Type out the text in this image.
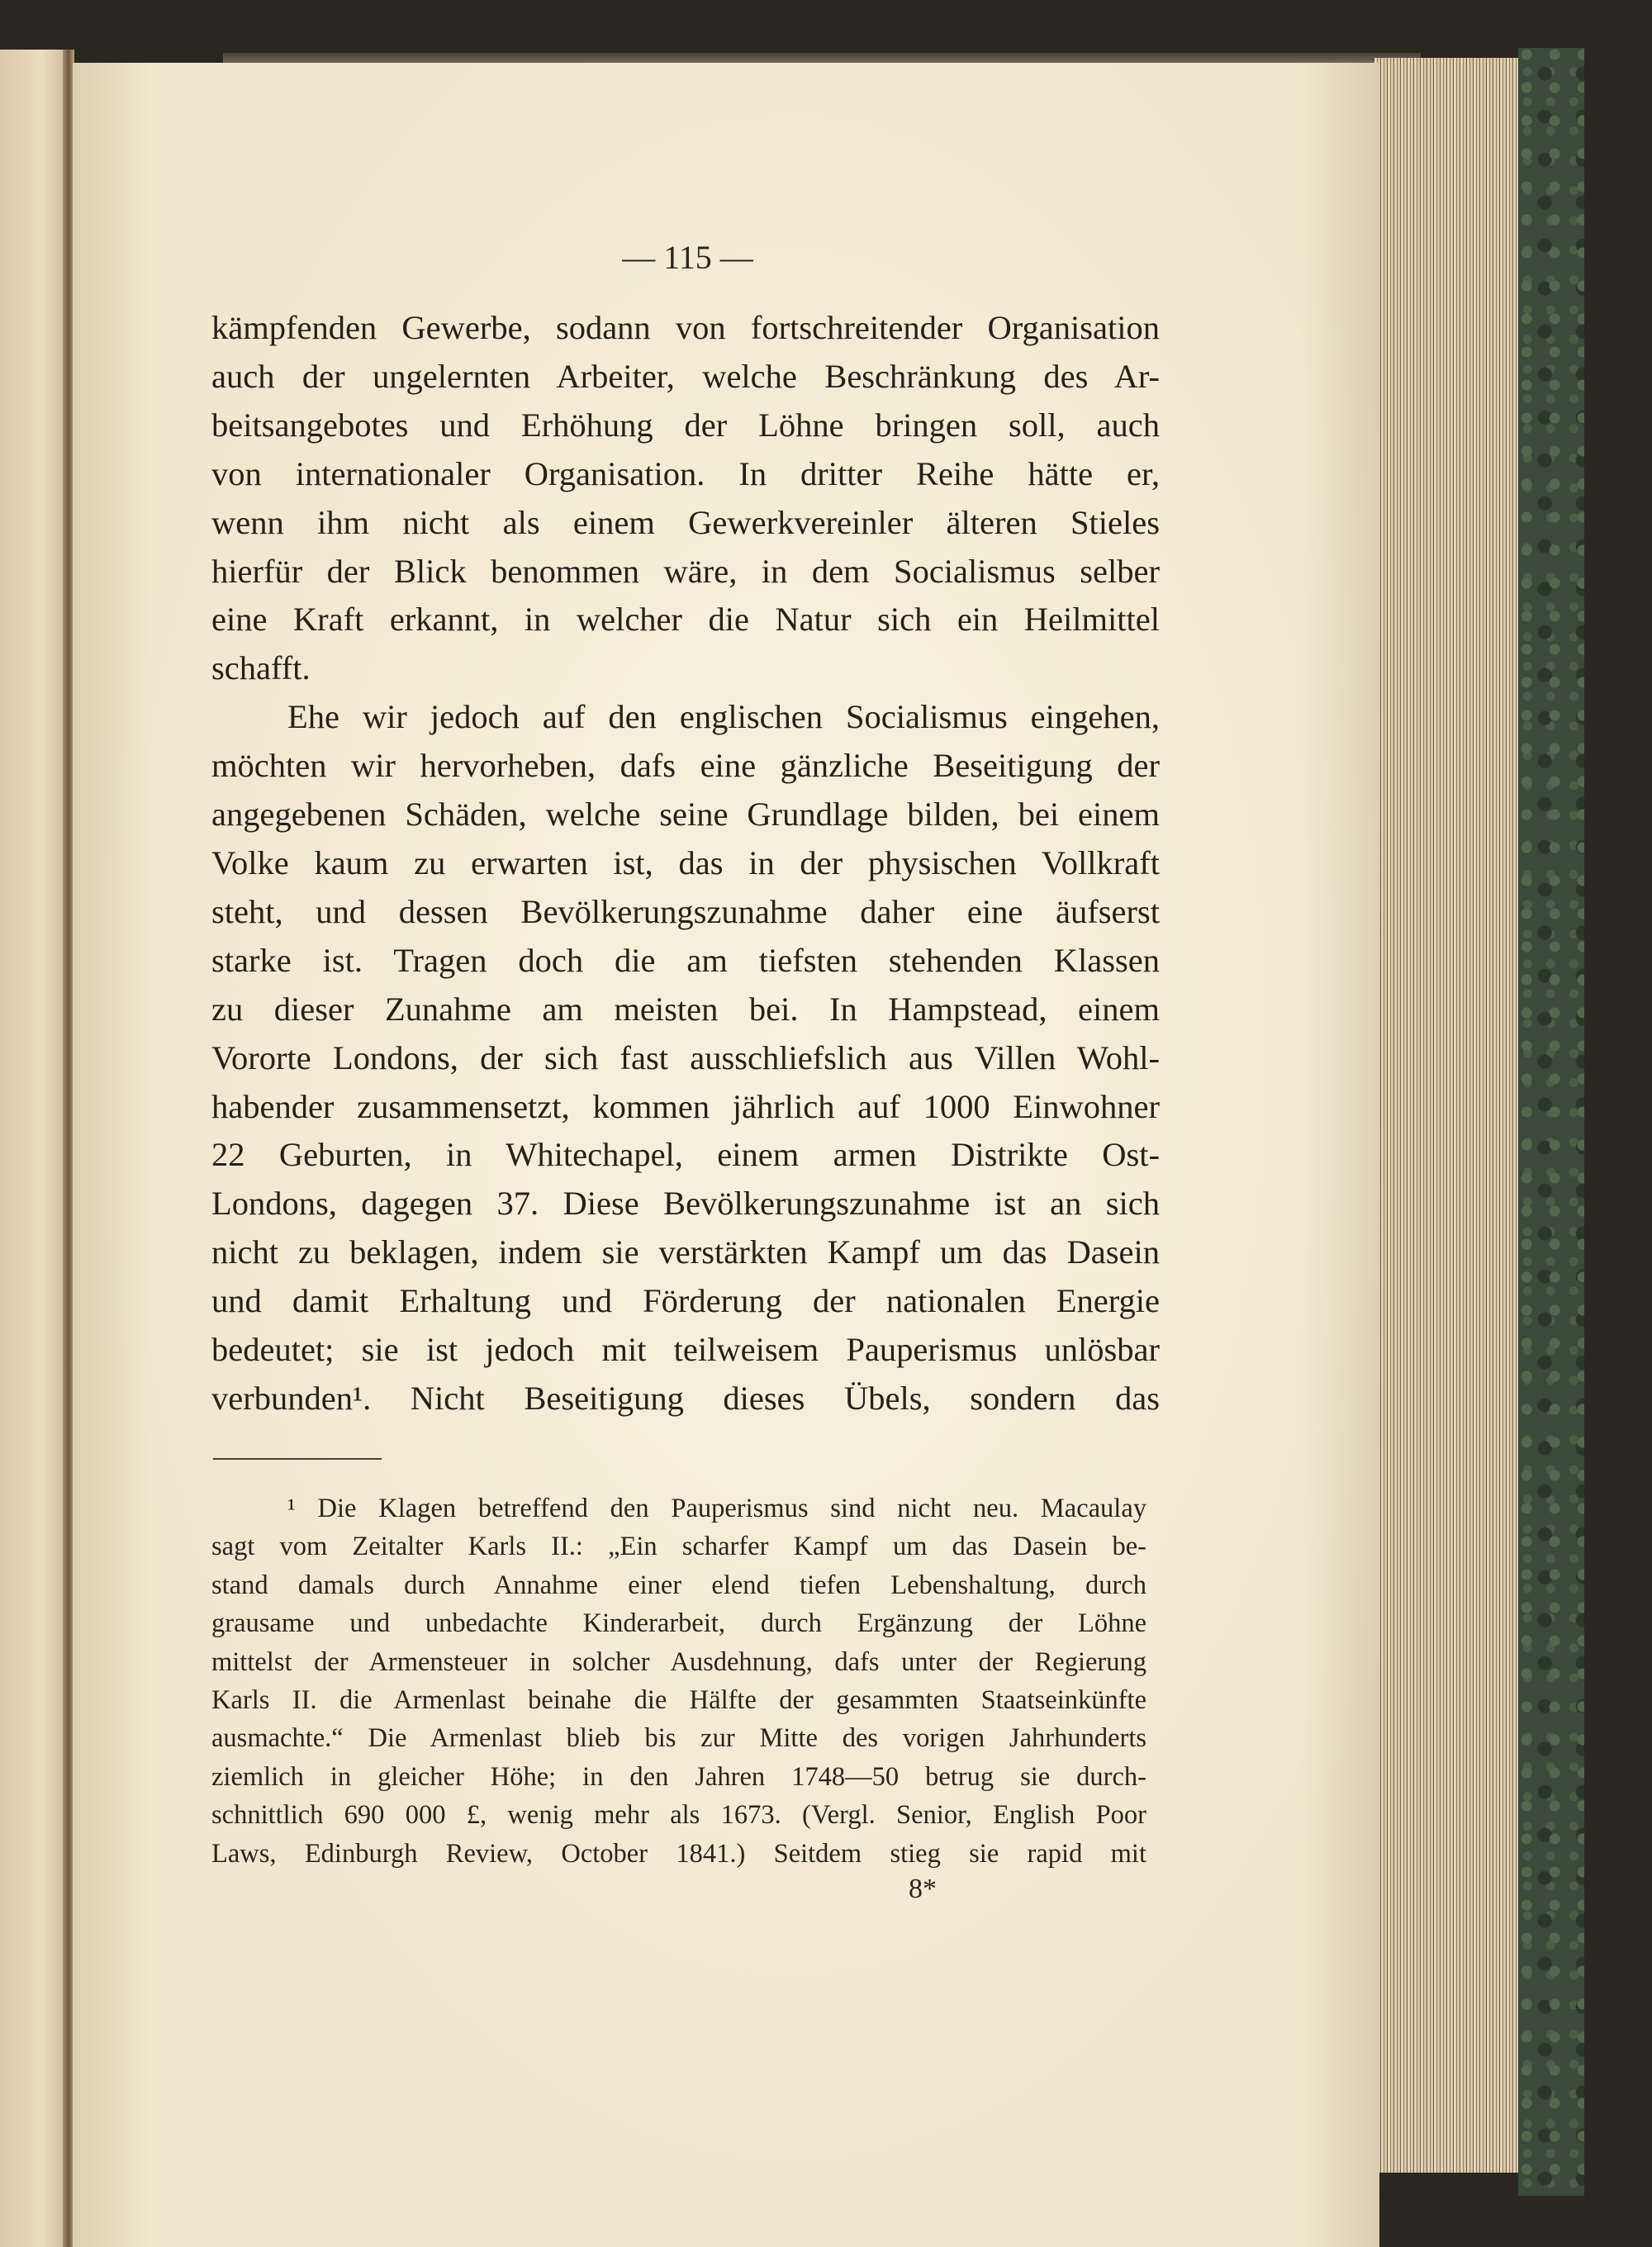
— 115 —

kämpfenden Gewerbe, sodann von fortschreitender Organisation

auch der ungelernten Arbeiter, welche Beschränkung des Ar-

beitsangebotes und Erhöhung der Löhne bringen soll, auch

von internationaler Organisation. In dritter Reihe hätte er,

wenn ihm nicht als einem Gewerkvereinler älteren Stieles

hierfür der Blick benommen wäre, in dem Socialismus selber

eine Kraft erkannt, in welcher die Natur sich ein Heilmittel

schafft.

Ehe wir jedoch auf den englischen Socialismus eingehen,

möchten wir hervorheben, dafs eine gänzliche Beseitigung der

angegebenen Schäden, welche seine Grundlage bilden, bei einem

Volke kaum zu erwarten ist, das in der physischen Vollkraft

steht, und dessen Bevölkerungszunahme daher eine äufserst

starke ist. Tragen doch die am tiefsten stehenden Klassen

zu dieser Zunahme am meisten bei. In Hampstead, einem

Vororte Londons, der sich fast ausschliefslich aus Villen Wohl-

habender zusammensetzt, kommen jährlich auf 1000 Einwohner

22 Geburten, in Whitechapel, einem armen Distrikte Ost-

Londons, dagegen 37. Diese Bevölkerungszunahme ist an sich

nicht zu beklagen, indem sie verstärkten Kampf um das Dasein

und damit Erhaltung und Förderung der nationalen Energie

bedeutet; sie ist jedoch mit teilweisem Pauperismus unlösbar

verbunden¹. Nicht Beseitigung dieses Übels, sondern das

¹ Die Klagen betreffend den Pauperismus sind nicht neu. Macaulay

sagt vom Zeitalter Karls II.: „Ein scharfer Kampf um das Dasein be-

stand damals durch Annahme einer elend tiefen Lebenshaltung, durch

grausame und unbedachte Kinderarbeit, durch Ergänzung der Löhne

mittelst der Armensteuer in solcher Ausdehnung, dafs unter der Regierung

Karls II. die Armenlast beinahe die Hälfte der gesammten Staatseinkünfte

ausmachte.“ Die Armenlast blieb bis zur Mitte des vorigen Jahrhunderts

ziemlich in gleicher Höhe; in den Jahren 1748—50 betrug sie durch-

schnittlich 690 000 £, wenig mehr als 1673. (Vergl. Senior, English Poor

Laws, Edinburgh Review, October 1841.) Seitdem stieg sie rapid mit

8*
